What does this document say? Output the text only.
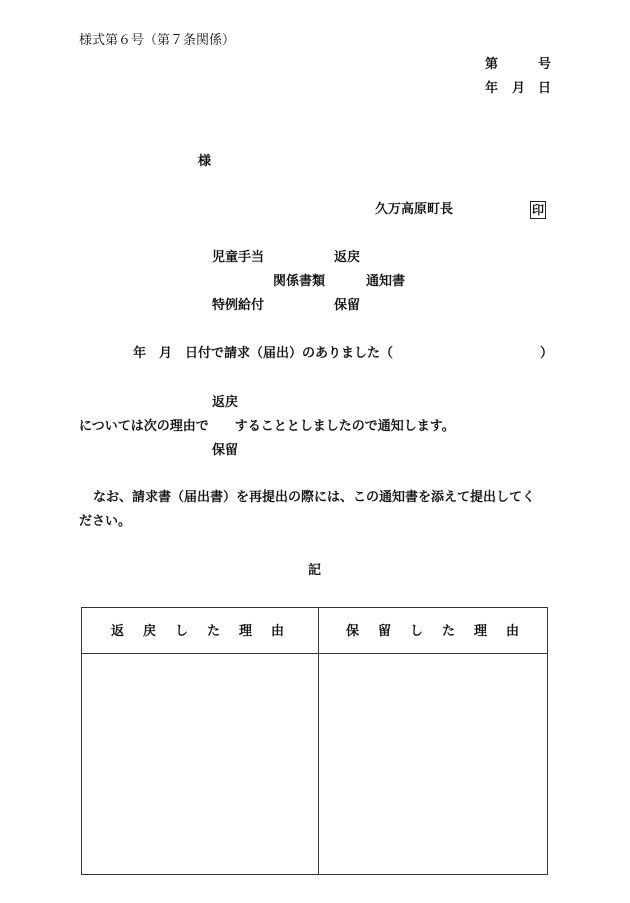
様式第６号（第７条関係）
第	号
年 月 日
様
久万高原町長	印
児童手当	返戻
関係書類	通知書
特例給付	保留
年　月　日付で請求（届出）のありました（	）
返戻
については次の理由で　　することとしましたので通知します。
保留
なお、請求書（届出書）を再提出の際には、この通知書を添えて提出してく
ださい。
記
返戻した理由	保留した理由
